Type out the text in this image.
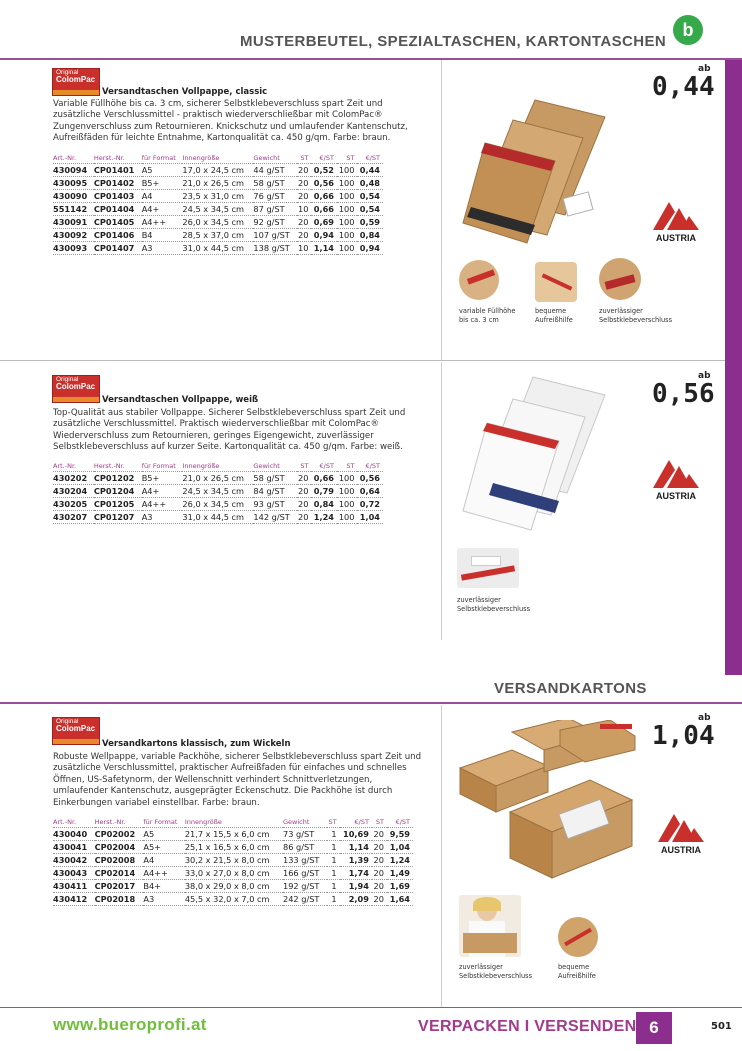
MUSTERBEUTEL, SPEZIALTASCHEN, KARTONTASCHEN
b
Original
ColomPac
Versandtaschen Vollpappe, classic
Variable Füllhöhe bis ca. 3 cm, sicherer Selbstklebeverschluss spart Zeit und zusätzliche Verschlussmittel - praktisch wiederverschließbar mit ColomPac® Zungenverschluss zum Retournieren. Knickschutz und umlaufender Kantenschutz, Aufreißfäden für leichte Entnahme, Kartonqualität ca. 450 g/qm. Farbe: braun.
Art.-Nr.	Herst.-Nr.	für Format	Innengröße	Gewicht	ST	€/ST	ST	€/ST
430094	CP01401	A5	17,0 x 24,5 cm	44 g/ST	20	0,52	100	0,44
430095	CP01402	B5+	21,0 x 26,5 cm	58 g/ST	20	0,56	100	0,48
430090	CP01403	A4	23,5 x 31,0 cm	76 g/ST	20	0,66	100	0,54
551142	CP01404	A4+	24,5 x 34,5 cm	87 g/ST	10	0,66	100	0,54
430091	CP01405	A4++	26,0 x 34,5 cm	92 g/ST	20	0,69	100	0,59
430092	CP01406	B4	28,5 x 37,0 cm	107 g/ST	20	0,94	100	0,84
430093	CP01407	A3	31,0 x 44,5 cm	138 g/ST	10	1,14	100	0,94
ab
0,44
AUSTRIA
variable Füllhöhe bis ca. 3 cm
bequeme Aufreißhilfe
zuverlässiger Selbstklebeverschluss
Original
ColomPac
Versandtaschen Vollpappe, weiß
Top-Qualität aus stabiler Vollpappe. Sicherer Selbstklebeverschluss spart Zeit und zusätzliche Verschlussmittel. Praktisch wiederverschließbar mit ColomPac® Wiederverschluss zum Retournieren, geringes Eigengewicht, zuverlässiger Selbstklebeverschluss auf kurzer Seite. Kartonqualität ca. 450 g/qm. Farbe: weiß.
Art.-Nr.	Herst.-Nr.	für Format	Innengröße	Gewicht	ST	€/ST	ST	€/ST
430202	CP01202	B5+	21,0 x 26,5 cm	58 g/ST	20	0,66	100	0,56
430204	CP01204	A4+	24,5 x 34,5 cm	84 g/ST	20	0,79	100	0,64
430205	CP01205	A4++	26,0 x 34,5 cm	93 g/ST	20	0,84	100	0,72
430207	CP01207	A3	31,0 x 44,5 cm	142 g/ST	20	1,24	100	1,04
ab
0,56
AUSTRIA
zuverlässiger Selbstklebeverschluss
VERSANDKARTONS
Original
ColomPac
Versandkartons klassisch, zum Wickeln
Robuste Wellpappe, variable Packhöhe, sicherer Selbstklebeverschluss spart Zeit und zusätzliche Verschlussmittel, praktischer Aufreißfaden für einfaches und schnelles Öffnen, US-Safetynorm, der Wellenschnitt verhindert Schnittverletzungen, umlaufender Kantenschutz, ausgeprägter Eckenschutz. Die Packhöhe ist durch Einkerbungen variabel einstellbar. Farbe: braun.
Art.-Nr.	Herst.-Nr.	für Format	Innengröße	Gewicht	ST	€/ST	ST	€/ST
430040	CP02002	A5	21,7 x 15,5 x 6,0 cm	73 g/ST	1	10,69	20	9,59
430041	CP02004	A5+	25,1 x 16,5 x 6,0 cm	86 g/ST	1	1,14	20	1,04
430042	CP02008	A4	30,2 x 21,5 x 8,0 cm	133 g/ST	1	1,39	20	1,24
430043	CP02014	A4++	33,0 x 27,0 x 8,0 cm	166 g/ST	1	1,74	20	1,49
430411	CP02017	B4+	38,0 x 29,0 x 8,0 cm	192 g/ST	1	1,94	20	1,69
430412	CP02018	A3	45,5 x 32,0 x 7,0 cm	242 g/ST	1	2,09	20	1,64
ab
1,04
AUSTRIA
zuverlässiger Selbstklebeverschluss
bequeme Aufreißhilfe
www.bueroprofi.at	VERPACKEN I VERSENDEN 6	501
